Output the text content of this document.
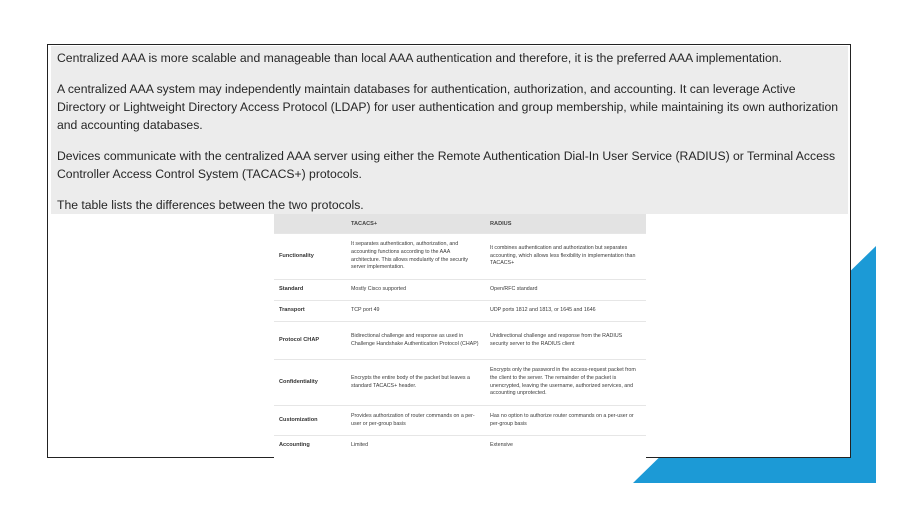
Centralized AAA is more scalable and manageable than local AAA authentication and therefore, it is the preferred AAA implementation.

A centralized AAA system may independently maintain databases for authentication, authorization, and accounting. It can leverage Active Directory or Lightweight Directory Access Protocol (LDAP) for user authentication and group membership, while maintaining its own authorization and accounting databases.

Devices communicate with the centralized AAA server using either the Remote Authentication Dial-In User Service (RADIUS) or Terminal Access Controller Access Control System (TACACS+) protocols.

The table lists the differences between the two protocols.

	TACACS+	RADIUS
Functionality	It separates authentication, authorization, and accounting functions according to the AAA architecture. This allows modularity of the security server implementation.	It combines authentication and authorization but separates accounting, which allows less flexibility in implementation than TACACS+
Standard	Mostly Cisco supported	Open/RFC standard
Transport	TCP port 49	UDP ports 1812 and 1813, or 1645 and 1646
Protocol CHAP	Bidirectional challenge and response as used in Challenge Handshake Authentication Protocol (CHAP)	Unidirectional challenge and response from the RADIUS security server to the RADIUS client
Confidentiality	Encrypts the entire body of the packet but leaves a standard TACACS+ header.	Encrypts only the password in the access-request packet from the client to the server. The remainder of the packet is unencrypted, leaving the username, authorized services, and accounting unprotected.
Customization	Provides authorization of router commands on a per-user or per-group basis	Has no option to authorize router commands on a per-user or per-group basis
Accounting	Limited	Extensive
